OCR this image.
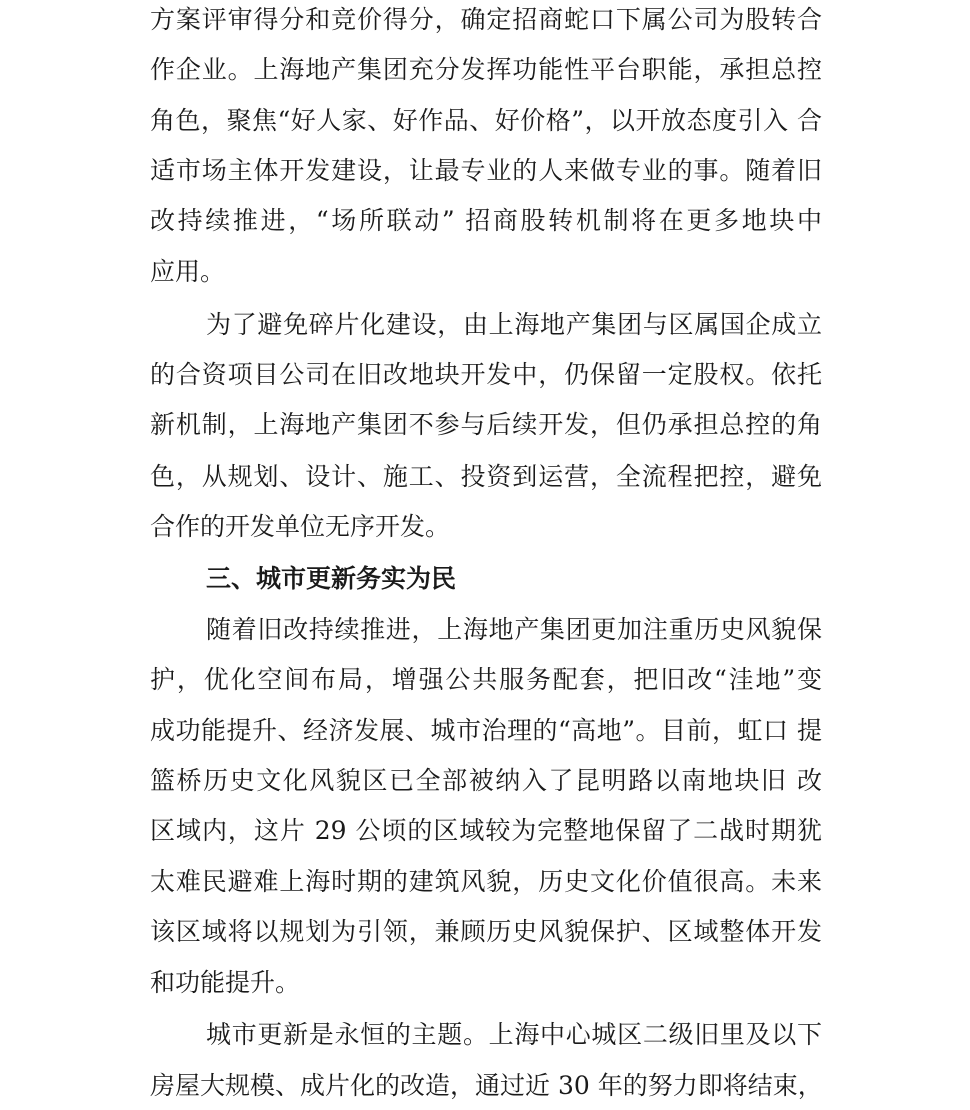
方案评审得分和竞价得分，确定招商蛇口下属公司为股转合
作企业。上海地产集团充分发挥功能性平台职能，承担总控
角色，聚焦“好人家、好作品、好价格”，以开放态度引入 合
适市场主体开发建设，让最专业的人来做专业的事。随着旧
改持续推进，“场所联动” 招商股转机制将在更多地块中
应用。
为了避免碎片化建设，由上海地产集团与区属国企成立
的合资项目公司在旧改地块开发中，仍保留一定股权。依托
新机制，上海地产集团不参与后续开发，但仍承担总控的角
色，从规划、设计、施工、投资到运营，全流程把控，避免
合作的开发单位无序开发。
三、城市更新务实为民
随着旧改持续推进，上海地产集团更加注重历史风貌保
护，优化空间布局，增强公共服务配套，把旧改“洼地”变
成功能提升、经济发展、城市治理的“高地”。目前，虹口 提
篮桥历史文化风貌区已全部被纳入了昆明路以南地块旧 改
区域内，这片 29 公顷的区域较为完整地保留了二战时期犹
太难民避难上海时期的建筑风貌，历史文化价值很高。未来
该区域将以规划为引领，兼顾历史风貌保护、区域整体开发
和功能提升。
城市更新是永恒的主题。上海中心城区二级旧里及以下
房屋大规模、成片化的改造，通过近 30 年的努力即将结束，
